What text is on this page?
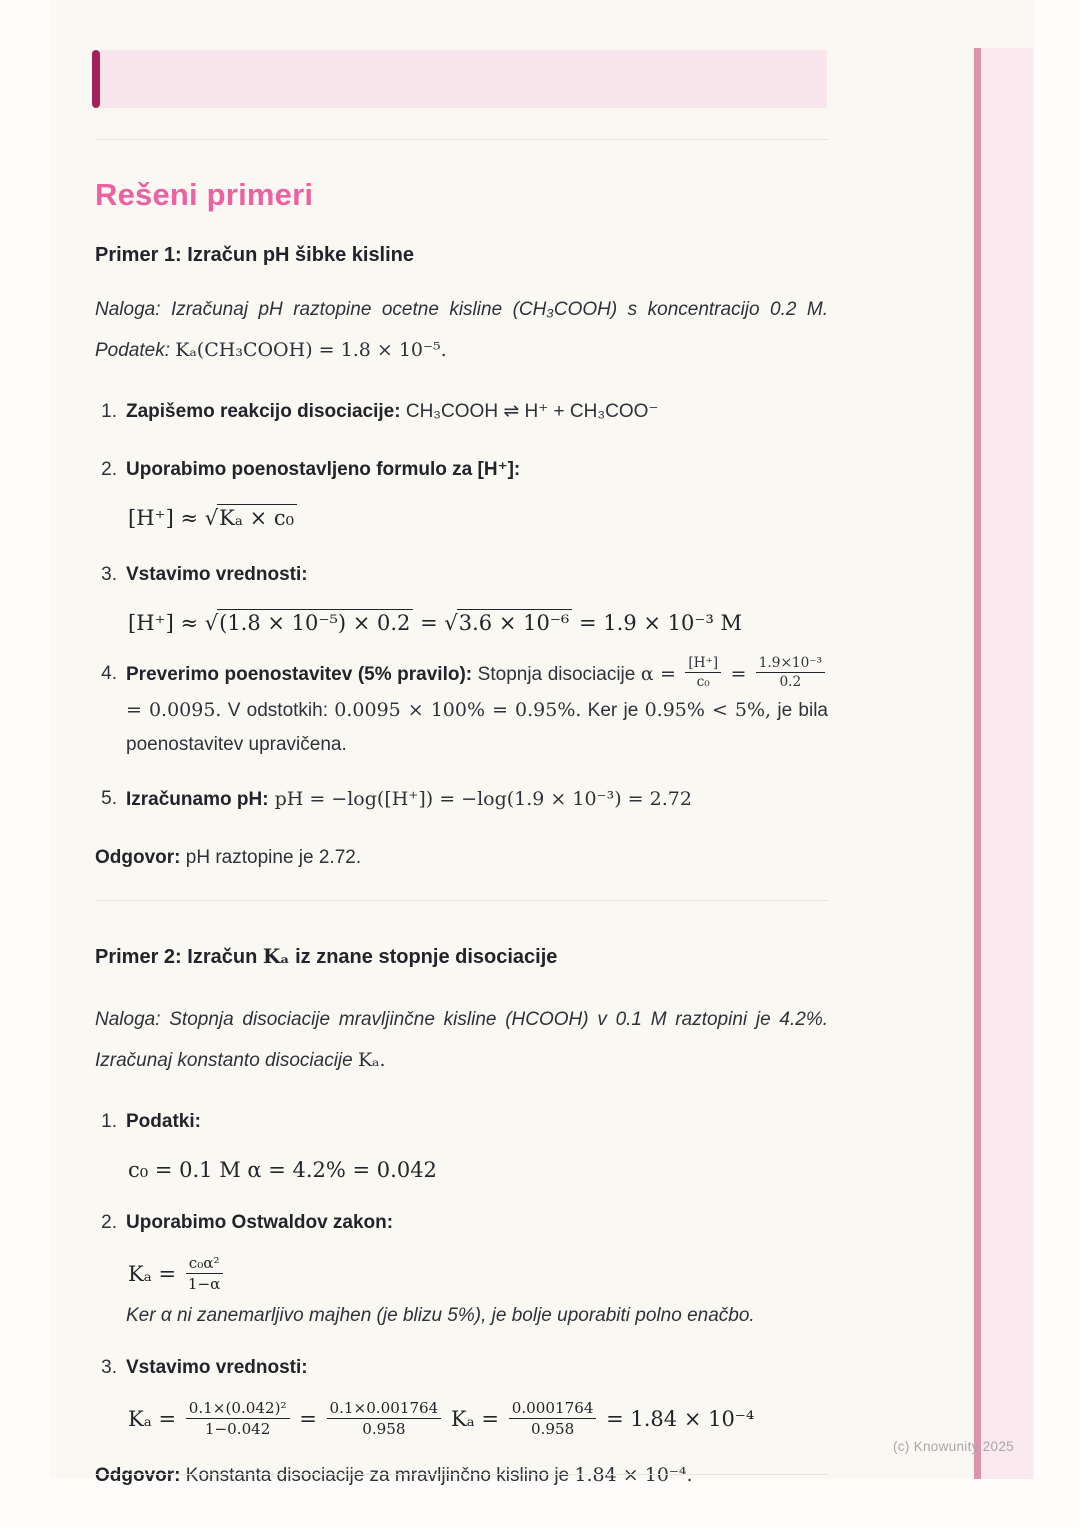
Rešeni primeri
Primer 1: Izračun pH šibke kisline

Naloga: Izračunaj pH raztopine ocetne kisline (CH₃COOH) s koncentracijo 0.2 M. Podatek: Kₐ(CH₃COOH) = 1.8 × 10⁻⁵.

1. Zapišemo reakcijo disociacije: CH₃COOH ⇌ H⁺ + CH₃COO⁻
2. Uporabimo poenostavljeno formulo za [H⁺]:
[H⁺] ≈ √Kₐ × c₀
3. Vstavimo vrednosti:
[H⁺] ≈ √(1.8 × 10⁻⁵) × 0.2 = √3.6 × 10⁻⁶ = 1.9 × 10⁻³ M
4. Preverimo poenostavitev (5% pravilo): Stopnja disociacije $\alpha = \frac{[H^+]}{\text{c₀}} = \frac{\text{1.9×10⁻³}}{0.2}$
= 0.0095. V odstotkih: 0.0095 × 100% = 0.95%. Ker je 0.95% < 5%, je bila poenostavitev upravičena.
5. Izračunamo pH: pH = −log([H⁺]) = −log(1.9 × 10⁻³) = 2.72

Odgovor: pH raztopine je 2.72.

Primer 2: Izračun Kₐ iz znane stopnje disociacije

Naloga: Stopnja disociacije mravljinčne kisline (HCOOH) v 0.1 M raztopini je 4.2%. Izračunaj konstanto disociacije Kₐ.

1. Podatki:
c₀ = 0.1 M α = 4.2% = 0.042
2. Uporabimo Ostwaldov zakon:
$K_a = \frac{\text{c₀α²}}{1-\alpha}$
Ker α ni zanemarljivo majhen (je blizu 5%), je bolje uporabiti polno enačbo.
3. Vstavimo vrednosti:
$K_a = \frac{\text{0.1×(0.042)²}}{1-0.042} = \frac{0.1\times 0.001764}{0.958}$ $K_a = \frac{0.0001764}{0.958} = 1.84 \times 10^{-4}$

Odgovor: Konstanta disociacije za mravljinčno kislino je 1.84 × 10⁻⁴.

(c) Knowunity 2025
